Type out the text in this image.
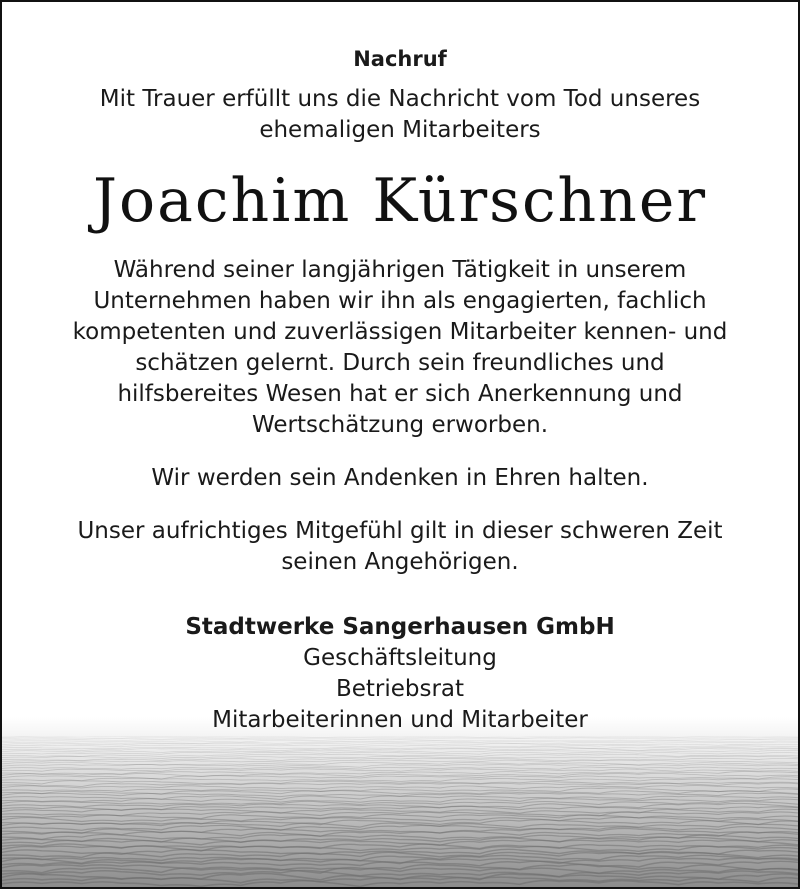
Nachruf
Mit Trauer erfüllt uns die Nachricht vom Tod unseres
ehemaligen Mitarbeiters
Joachim Kürschner
Während seiner langjährigen Tätigkeit in unserem
Unternehmen haben wir ihn als engagierten, fachlich
kompetenten und zuverlässigen Mitarbeiter kennen- und
schätzen gelernt. Durch sein freundliches und
hilfsbereites Wesen hat er sich Anerkennung und
Wertschätzung erworben.
Wir werden sein Andenken in Ehren halten.
Unser aufrichtiges Mitgefühl gilt in dieser schweren Zeit
seinen Angehörigen.
Stadtwerke Sangerhausen GmbH
Geschäftsleitung
Betriebsrat
Mitarbeiterinnen und Mitarbeiter
